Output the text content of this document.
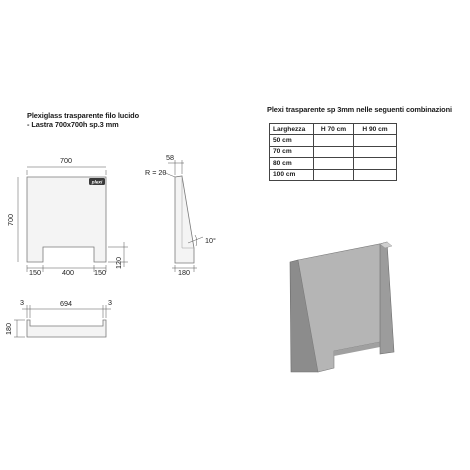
Plexiglass trasparente filo lucido
- Lastra 700x700h sp.3 mm
Plexi trasparente sp 3mm nelle seguenti combinazioni
Larghezza	H 70 cm	H 90 cm
50 cm		
70 cm		
80 cm		
100 cm		
plexi
700
700
150	400	150
120
58
R = 20
10°
180
3	694	3
180
